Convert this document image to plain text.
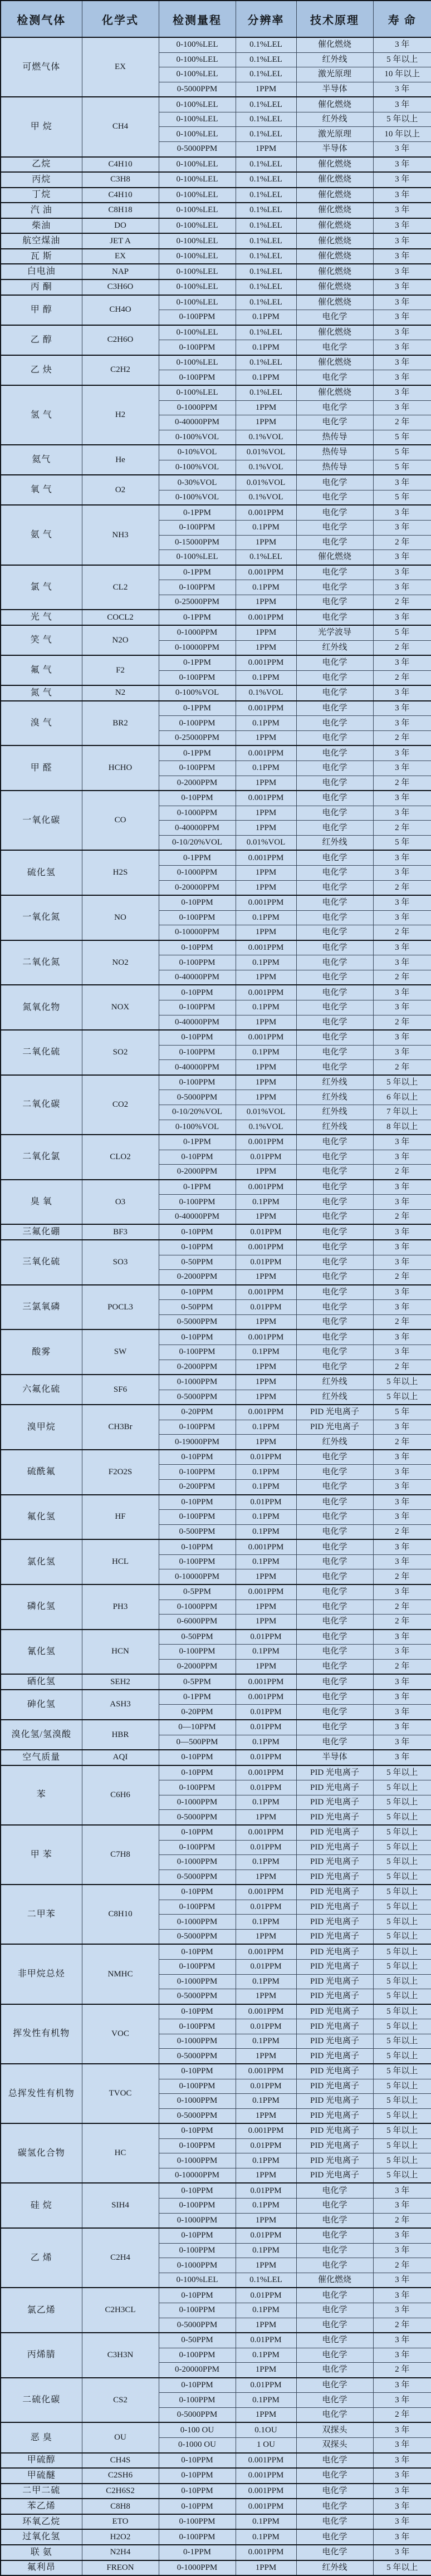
检测气体	化学式	检测量程	分辨率	技术原理	寿 命
可燃气体	EX	0-100%LEL	0.1%LEL	催化燃烧	3 年
		0-100%LEL	0.1%LEL	红外线	5 年以上
		0-100%LEL	0.1%LEL	激光原理	10 年以上
		0-5000PPM	1PPM	半导体	3 年
甲 烷	CH4	0-100%LEL	0.1%LEL	催化燃烧	3 年
		0-100%LEL	0.1%LEL	红外线	5 年以上
		0-100%LEL	0.1%LEL	激光原理	10 年以上
		0-5000PPM	1PPM	半导体	3 年
乙烷	C4H10	0-100%LEL	0.1%LEL	催化燃烧	3 年
丙烷	C3H8	0-100%LEL	0.1%LEL	催化燃烧	3 年
丁烷	C4H10	0-100%LEL	0.1%LEL	催化燃烧	3 年
汽 油	C8H18	0-100%LEL	0.1%LEL	催化燃烧	3 年
柴油	DO	0-100%LEL	0.1%LEL	催化燃烧	3 年
航空煤油	JET A	0-100%LEL	0.1%LEL	催化燃烧	3 年
瓦 斯	EX	0-100%LEL	0.1%LEL	催化燃烧	3 年
白电油	NAP	0-100%LEL	0.1%LEL	催化燃烧	3 年
丙 酮	C3H6O	0-100%LEL	0.1%LEL	催化燃烧	3 年
甲 醇	CH4O	0-100%LEL	0.1%LEL	催化燃烧	3 年
		0-100PPM	0.1PPM	电化学	3 年
乙 醇	C2H6O	0-100%LEL	0.1%LEL	催化燃烧	3 年
		0-100PPM	0.1PPM	电化学	3 年
乙 炔	C2H2	0-100%LEL	0.1%LEL	催化燃烧	3 年
		0-100PPM	0.1PPM	电化学	3 年
氢 气	H2	0-100%LEL	0.1%LEL	催化燃烧	3 年
		0-1000PPM	1PPM	电化学	3 年
		0-40000PPM	1PPM	电化学	2 年
		0-100%VOL	0.1%VOL	热传导	5 年
氦气	He	0-10%VOL	0.01%VOL	热传导	5 年
		0-100%VOL	0.1%VOL	热传导	5 年
氧 气	O2	0-30%VOL	0.01%VOL	电化学	3 年
		0-100%VOL	0.1%VOL	电化学	5 年
氨 气	NH3	0-1PPM	0.001PPM	电化学	3 年
		0-100PPM	0.1PPM	电化学	3 年
		0-15000PPM	1PPM	电化学	2 年
		0-100%LEL	0.1%LEL	催化燃烧	3 年
氯 气	CL2	0-1PPM	0.001PPM	电化学	3 年
		0-100PPM	0.1PPM	电化学	3 年
		0-25000PPM	1PPM	电化学	2 年
光 气	COCL2	0-1PPM	0.001PPM	电化学	3 年
笑 气	N2O	0-1000PPM	1PPM	光学波导	5 年
		0-10000PPM	1PPM	红外线	2 年
氟 气	F2	0-1PPM	0.001PPM	电化学	3 年
		0-100PPM	0.1PPM	电化学	2 年
氮 气	N2	0-100%VOL	0.1%VOL	电化学	3 年
溴 气	BR2	0-1PPM	0.001PPM	电化学	3 年
		0-100PPM	0.1PPM	电化学	3 年
		0-25000PPM	1PPM	电化学	2 年
甲 醛	HCHO	0-1PPM	0.001PPM	电化学	3 年
		0-100PPM	0.1PPM	电化学	3 年
		0-2000PPM	1PPM	电化学	2 年
一氧化碳	CO	0-10PPM	0.001PPM	电化学	3 年
		0-1000PPM	1PPM	电化学	3 年
		0-40000PPM	1PPM	电化学	2 年
		0-10/20%VOL	0.01%VOL	红外线	5 年
硫化氢	H2S	0-1PPM	0.001PPM	电化学	3 年
		0-1000PPM	1PPM	电化学	3 年
		0-20000PPM	1PPM	电化学	2 年
一氧化氮	NO	0-10PPM	0.001PPM	电化学	3 年
		0-100PPM	0.1PPM	电化学	3 年
		0-10000PPM	1PPM	电化学	2 年
二氧化氮	NO2	0-10PPM	0.001PPM	电化学	3 年
		0-100PPM	0.1PPM	电化学	3 年
		0-40000PPM	1PPM	电化学	2 年
氮氧化物	NOX	0-10PPM	0.001PPM	电化学	3 年
		0-100PPM	0.1PPM	电化学	3 年
		0-40000PPM	1PPM	电化学	2 年
二氧化硫	SO2	0-10PPM	0.001PPM	电化学	3 年
		0-100PPM	0.1PPM	电化学	3 年
		0-40000PPM	1PPM	电化学	2 年
二氧化碳	CO2	0-100PPM	1PPM	红外线	5 年以上
		0-5000PPM	1PPM	红外线	6 年以上
		0-10/20%VOL	0.01%VOL	红外线	7 年以上
		0-100%VOL	0.1%VOL	红外线	8 年以上
二氧化氯	CLO2	0-1PPM	0.001PPM	电化学	3 年
		0-10PPM	0.01PPM	电化学	3 年
		0-2000PPM	1PPM	电化学	2 年
臭 氧	O3	0-1PPM	0.001PPM	电化学	3 年
		0-100PPM	0.1PPM	电化学	3 年
		0-40000PPM	1PPM	电化学	2 年
三氟化硼	BF3	0-10PPM	0.01PPM	电化学	3 年
三氧化硫	SO3	0-10PPM	0.001PPM	电化学	3 年
		0-50PPM	0.01PPM	电化学	3 年
		0-2000PPM	1PPM	电化学	2 年
三氯氧磷	POCL3	0-10PPM	0.001PPM	电化学	3 年
		0-50PPM	0.01PPM	电化学	3 年
		0-5000PPM	1PPM	电化学	2 年
酸雾	SW	0-10PPM	0.001PPM	电化学	3 年
		0-100PPM	0.1PPM	电化学	3 年
		0-2000PPM	1PPM	电化学	2 年
六氟化硫	SF6	0-1000PPM	1PPM	红外线	5 年以上
		0-5000PPM	1PPM	红外线	5 年以上
溴甲烷	CH3Br	0-20PPM	0.001PPM	PID 光电离子	5 年
		0-100PPM	0.1PPM	PID 光电离子	3 年
		0-19000PPM	1PPM	红外线	2 年
硫酰氟	F2O2S	0-10PPM	0.01PPM	电化学	3 年
		0-100PPM	0.1PPM	电化学	3 年
		0-200PPM	0.1PPM	电化学	3 年
氟化氢	HF	0-10PPM	0.01PPM	电化学	3 年
		0-100PPM	0.1PPM	电化学	3 年
		0-500PPM	0.1PPM	电化学	2 年
氯化氢	HCL	0-10PPM	0.001PPM	电化学	3 年
		0-100PPM	0.1PPM	电化学	3 年
		0-10000PPM	1PPM	电化学	2 年
磷化氢	PH3	0-5PPM	0.001PPM	电化学	3 年
		0-1000PPM	1PPM	电化学	2 年
		0-6000PPM	1PPM	电化学	2 年
氰化氢	HCN	0-50PPM	0.01PPM	电化学	3 年
		0-100PPM	0.1PPM	电化学	3 年
		0-2000PPM	1PPM	电化学	2 年
硒化氢	SEH2	0-5PPM	0.001PPM	电化学	3 年
砷化氢	ASH3	0-1PPM	0.001PPM	电化学	3 年
		0-20PPM	0.01PPM	电化学	3 年
溴化氢/氢溴酸	HBR	0—10PPM	0.01PPM	电化学	3 年
		0—500PPM	0.1PPM	电化学	3 年
空气质量	AQI	0-10PPM	0.01PPM	半导体	3 年
苯	C6H6	0-10PPM	0.001PPM	PID 光电离子	5 年以上
		0-100PPM	0.01PPM	PID 光电离子	5 年以上
		0-1000PPM	0.1PPM	PID 光电离子	5 年以上
		0-5000PPM	1PPM	PID 光电离子	5 年以上
甲 苯	C7H8	0-10PPM	0.001PPM	PID 光电离子	5 年以上
		0-100PPM	0.01PPM	PID 光电离子	5 年以上
		0-1000PPM	0.1PPM	PID 光电离子	5 年以上
		0-5000PPM	1PPM	PID 光电离子	5 年以上
二甲苯	C8H10	0-10PPM	0.001PPM	PID 光电离子	5 年以上
		0-100PPM	0.01PPM	PID 光电离子	5 年以上
		0-1000PPM	0.1PPM	PID 光电离子	5 年以上
		0-5000PPM	1PPM	PID 光电离子	5 年以上
非甲烷总烃	NMHC	0-10PPM	0.001PPM	PID 光电离子	5 年以上
		0-100PPM	0.01PPM	PID 光电离子	5 年以上
		0-1000PPM	0.1PPM	PID 光电离子	5 年以上
		0-5000PPM	1PPM	PID 光电离子	5 年以上
挥发性有机物	VOC	0-10PPM	0.001PPM	PID 光电离子	5 年以上
		0-100PPM	0.01PPM	PID 光电离子	5 年以上
		0-1000PPM	0.1PPM	PID 光电离子	5 年以上
		0-5000PPM	1PPM	PID 光电离子	5 年以上
总挥发性有机物	TVOC	0-10PPM	0.001PPM	PID 光电离子	5 年以上
		0-100PPM	0.01PPM	PID 光电离子	5 年以上
		0-1000PPM	0.1PPM	PID 光电离子	5 年以上
		0-5000PPM	1PPM	PID 光电离子	5 年以上
碳氢化合物	HC	0-10PPM	0.001PPM	PID 光电离子	5 年以上
		0-100PPM	0.01PPM	PID 光电离子	5 年以上
		0-1000PPM	0.1PPM	PID 光电离子	5 年以上
		0-10000PPM	1PPM	PID 光电离子	5 年以上
硅 烷	SIH4	0-10PPM	0.01PPM	电化学	3 年
		0-100PPM	0.1PPM	电化学	3 年
		0-1000PPM	1PPM	电化学	2 年
乙 烯	C2H4	0-10PPM	0.01PPM	电化学	3 年
		0-100PPM	0.1PPM	电化学	3 年
		0-1000PPM	1PPM	电化学	2 年
		0-100%LEL	0.1%LEL	催化燃烧	3 年
氯乙烯	C2H3CL	0-10PPM	0.01PPM	电化学	3 年
		0-100PPM	0.1PPM	电化学	3 年
		0-5000PPM	1PPM	电化学	2 年
丙烯腈	C3H3N	0-50PPM	0.01PPM	电化学	3 年
		0-100PPM	0.1PPM	电化学	3 年
		0-20000PPM	1PPM	电化学	2 年
二硫化碳	CS2	0-10PPM	0.01PPM	电化学	3 年
		0-100PPM	0.1PPM	电化学	3 年
		0-5000PPM	1PPM	电化学	2 年
恶 臭	OU	0-100 OU	0.1OU	双探头	3 年
		0-1000 OU	1 OU	双探头	3 年
甲硫醇	CH4S	0-10PPM	0.001PPM	电化学	3 年
甲硫醚	C2SH6	0-10PPM	0.001PPM	电化学	3 年
二甲二硫	C2H6S2	0-10PPM	0.001PPM	电化学	3 年
苯乙烯	C8H8	0-10PPM	0.001PPM	电化学	3 年
环氧乙烷	ETO	0-100PPM	0.1PPM	电化学	3 年
过氧化氢	H2O2	0-100PPM	0.1PPM	电化学	3 年
联 氨	N2H4	0-1PPM	0.001PPM	电化学	3 年
氟利昂	FREON	0-1000PPM	1PPM	红外线	5 年以上
